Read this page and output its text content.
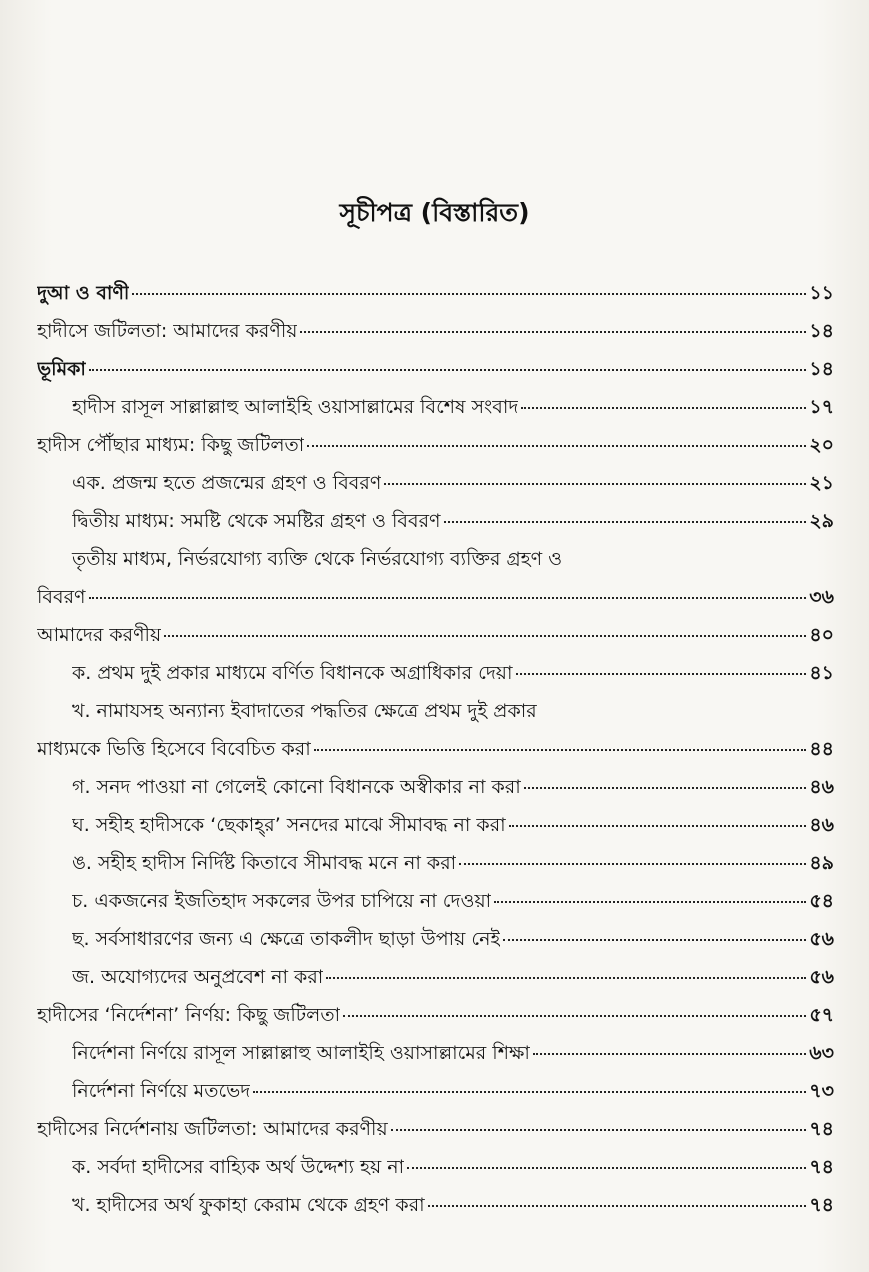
সূচীপত্র (বিস্তারিত)
দুআ ও বাণী	১১
হাদীসে জটিলতা: আমাদের করণীয়	১৪
ভূমিকা	১৪
হাদীস রাসূল সাল্লাল্লাহু আলাইহি ওয়াসাল্লামের বিশেষ সংবাদ	১৭
হাদীস পৌঁছার মাধ্যম: কিছু জটিলতা	২০
এক. প্রজন্ম হতে প্রজন্মের গ্রহণ ও বিবরণ	২১
দ্বিতীয় মাধ্যম: সমষ্টি থেকে সমষ্টির গ্রহণ ও বিবরণ	২৯
তৃতীয় মাধ্যম, নির্ভরযোগ্য ব্যক্তি থেকে নির্ভরযোগ্য ব্যক্তির গ্রহণ ও
বিবরণ	৩৬
আমাদের করণীয়	৪০
ক. প্রথম দুই প্রকার মাধ্যমে বর্ণিত বিধানকে অগ্রাধিকার দেয়া	৪১
খ. নামাযসহ অন্যান্য ইবাদাতের পদ্ধতির ক্ষেত্রে প্রথম দুই প্রকার
মাধ্যমকে ভিত্তি হিসেবে বিবেচিত করা	৪৪
গ. সনদ পাওয়া না গেলেই কোনো বিধানকে অস্বীকার না করা	৪৬
ঘ. সহীহ হাদীসকে ‘ছেকাহ্‌র’ সনদের মাঝে সীমাবদ্ধ না করা	৪৬
ঙ. সহীহ হাদীস নির্দিষ্ট কিতাবে সীমাবদ্ধ মনে না করা	৪৯
চ. একজনের ইজতিহাদ সকলের উপর চাপিয়ে না দেওয়া	৫৪
ছ. সর্বসাধারণের জন্য এ ক্ষেত্রে তাকলীদ ছাড়া উপায় নেই	৫৬
জ. অযোগ্যদের অনুপ্রবেশ না করা	৫৬
হাদীসের ‘নির্দেশনা’ নির্ণয়: কিছু জটিলতা	৫৭
নির্দেশনা নির্ণয়ে রাসূল সাল্লাল্লাহু আলাইহি ওয়াসাল্লামের শিক্ষা	৬৩
নির্দেশনা নির্ণয়ে মতভেদ	৭৩
হাদীসের নির্দেশনায় জটিলতা: আমাদের করণীয়	৭৪
ক. সর্বদা হাদীসের বাহ্যিক অর্থ উদ্দেশ্য হয় না	৭৪
খ. হাদীসের অর্থ ফুকাহা কেরাম থেকে গ্রহণ করা	৭৪
